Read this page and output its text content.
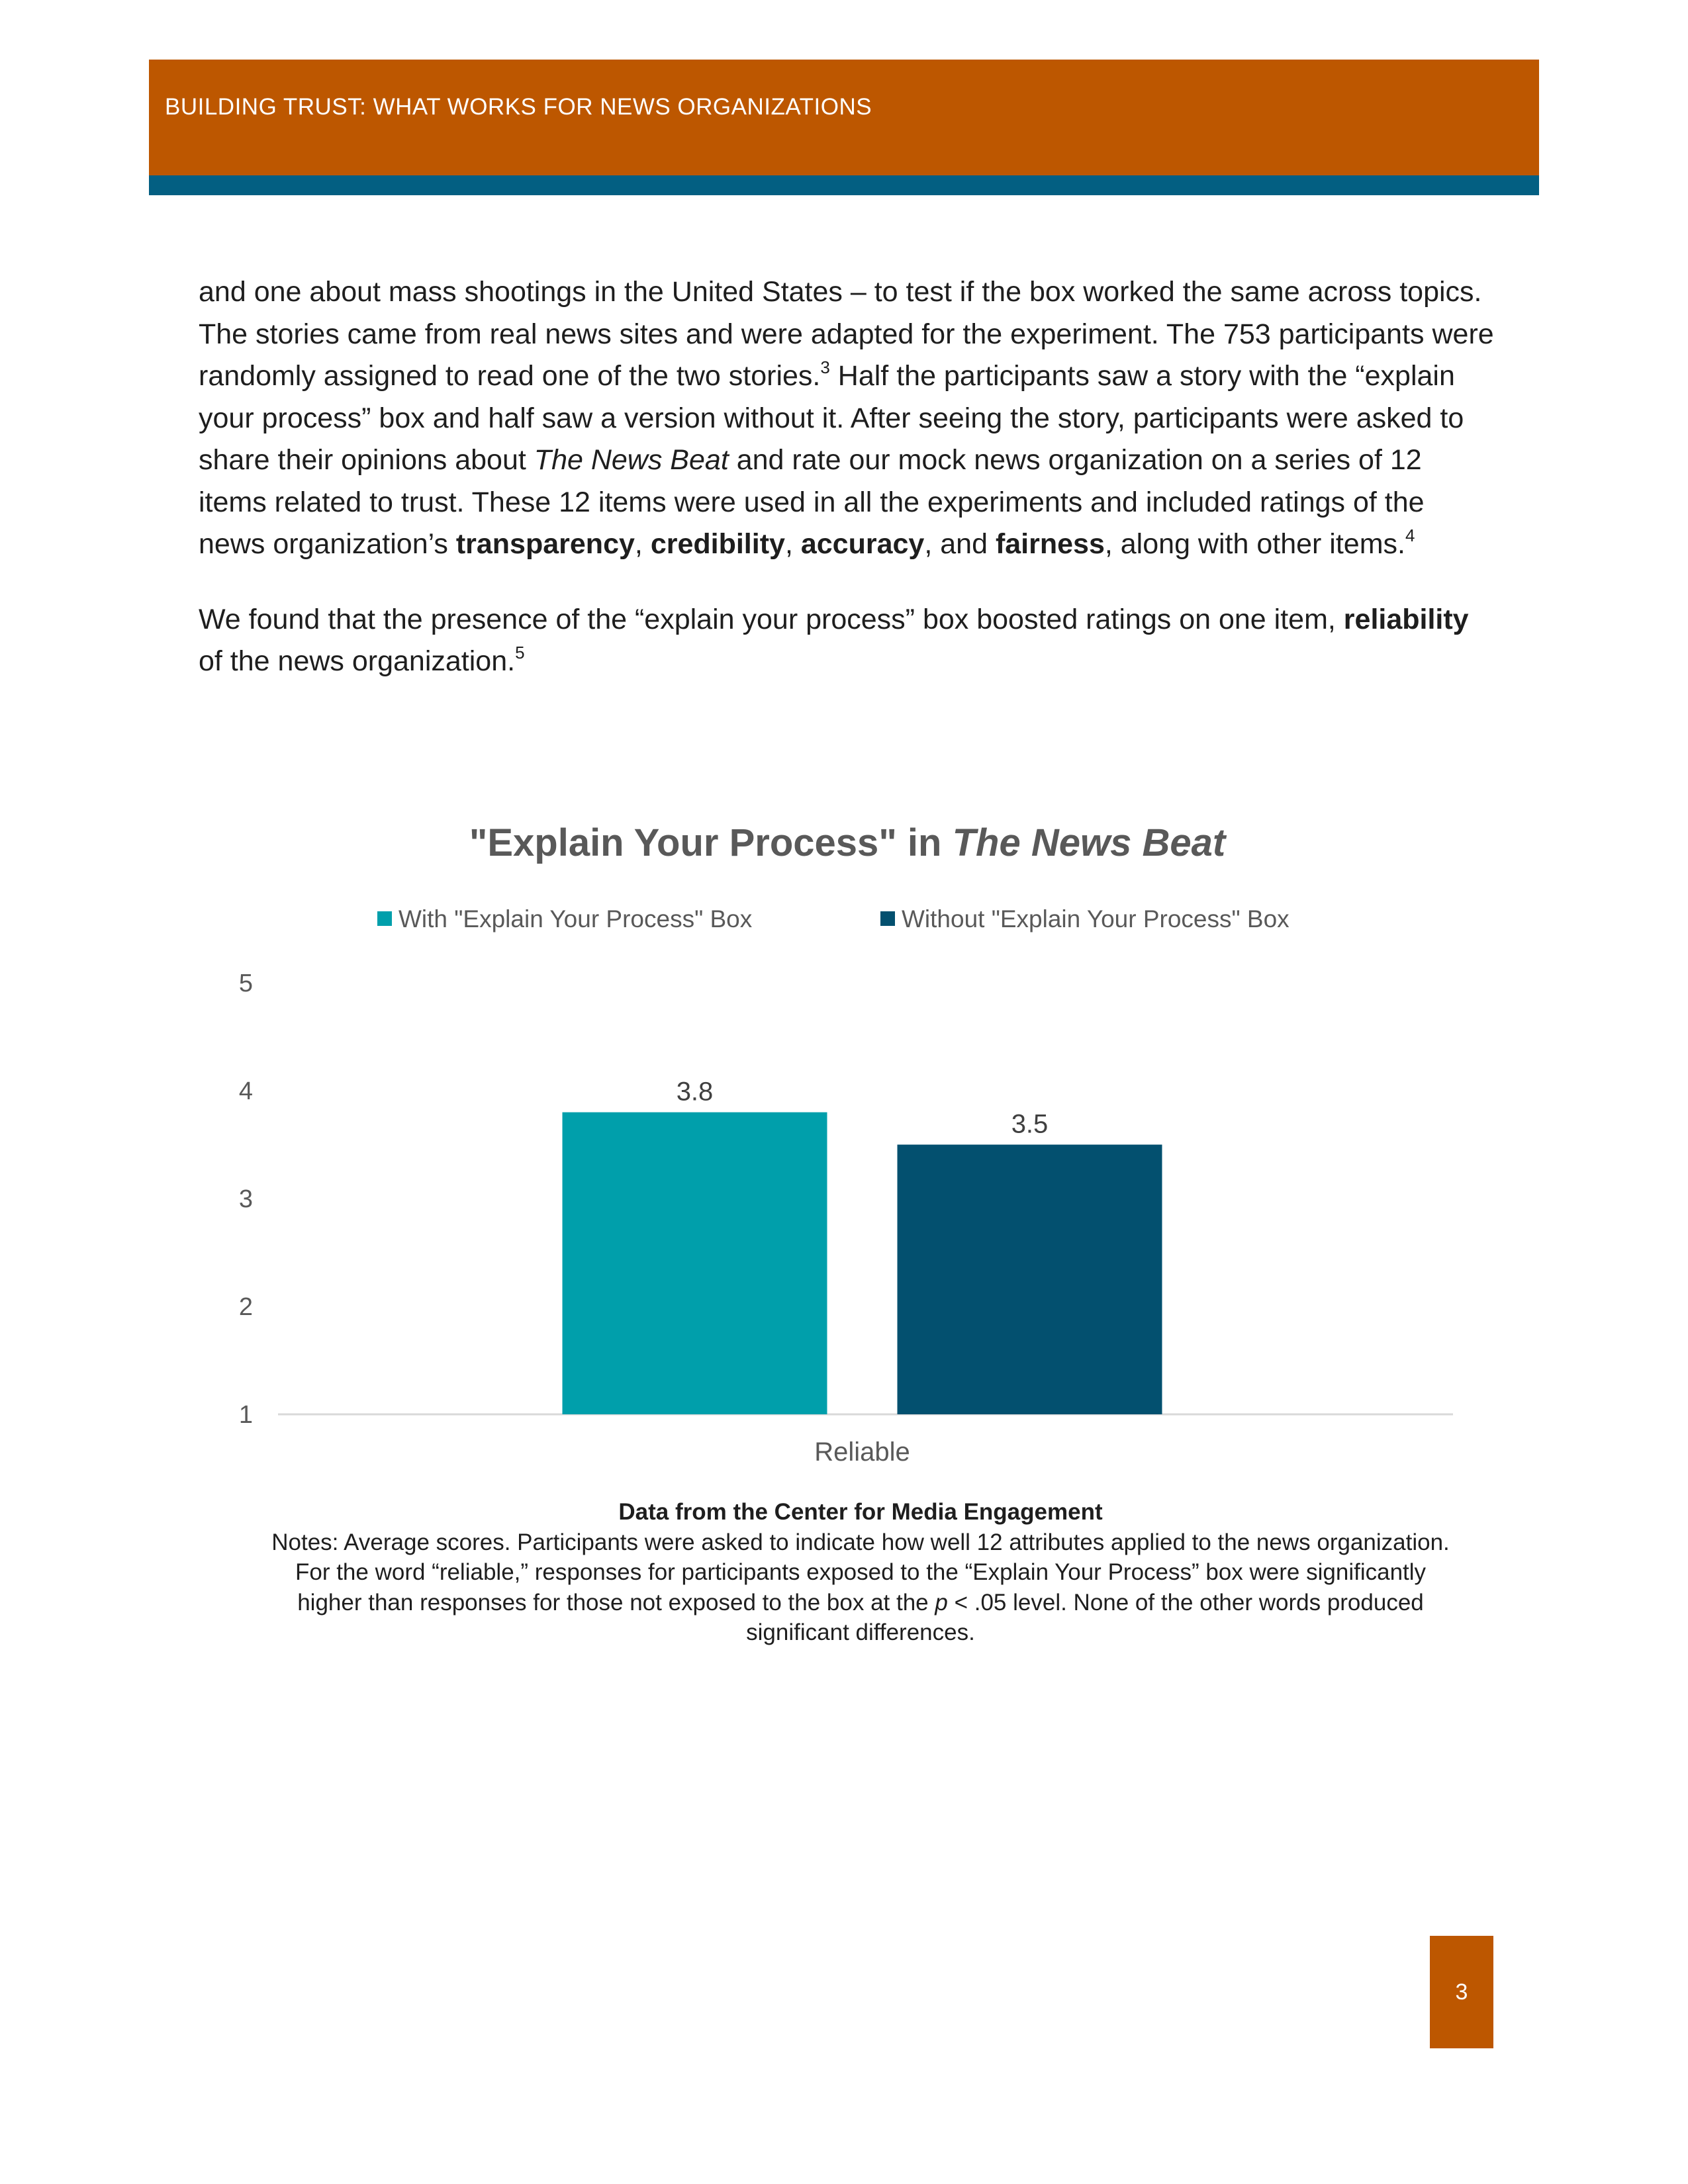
BUILDING TRUST: WHAT WORKS FOR NEWS ORGANIZATIONS

and one about mass shootings in the United States – to test if the box worked the same across topics. The stories came from real news sites and were adapted for the experiment. The 753 participants were randomly assigned to read one of the two stories.$^3$ Half the participants saw a story with the “explain your process” box and half saw a version without it. After seeing the story, participants were asked to share their opinions about The News Beat and rate our mock news organization on a series of 12 items related to trust. These 12 items were used in all the experiments and included ratings of the news organization’s transparency, credibility, accuracy, and fairness, along with other items.$^4$

We found that the presence of the “explain your process” box boosted ratings on one item, reliability of the news organization.$^5$

"Explain Your Process" in The News Beat
With "Explain Your Process" Box	Without "Explain Your Process" Box
1
2
3
4
5
3.8
3.5
Reliable
Data from the Center for Media Engagement
Notes: Average scores. Participants were asked to indicate how well 12 attributes applied to the news organization. For the word “reliable,” responses for participants exposed to the “Explain Your Process” box were significantly higher than responses for those not exposed to the box at the p < .05 level. None of the other words produced significant differences.
3
